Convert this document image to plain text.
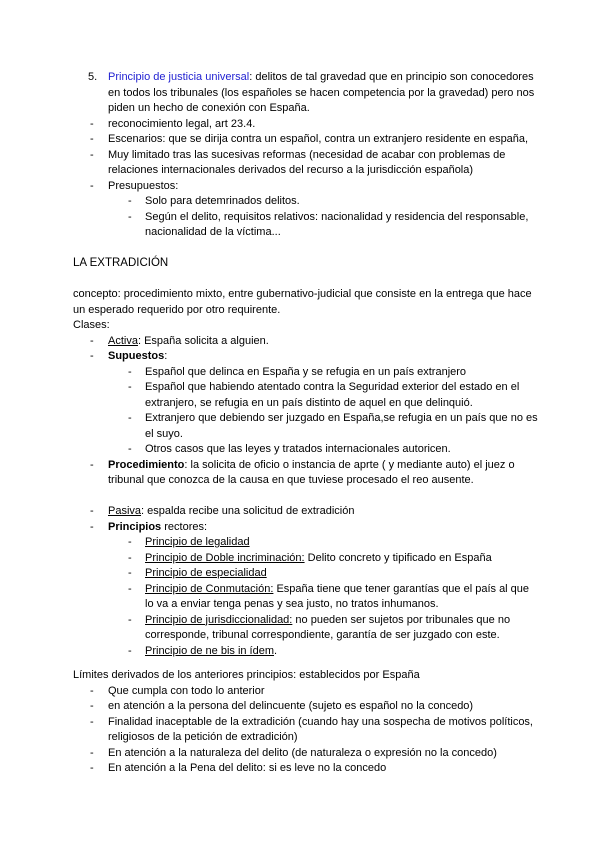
5. Principio de justicia universal: delitos de tal gravedad que en principio son conocedores en todos los tribunales (los españoles se hacen competencia por la gravedad) pero nos piden un hecho de conexión con España.
- reconocimiento legal, art 23.4.
- Escenarios: que se dirija contra un español, contra un extranjero residente en españa,
- Muy limitado tras las sucesivas reformas (necesidad de acabar con problemas de relaciones internacionales derivados del recurso a la jurisdicción española)
- Presupuestos:
- Solo para detemrinados delitos.
- Según el delito, requisitos relativos: nacionalidad y residencia del responsable, nacionalidad de la víctima...
LA EXTRADICIÓN
concepto: procedimiento mixto, entre gubernativo-judicial que consiste en la entrega que hace un esperado requerido por otro requirente.
Clases:
- Activa: España solicita a alguien.
- Supuestos:
- Español que delinca en España y se refugia en un país extranjero
- Español que habiendo atentado contra la Seguridad exterior del estado en el extranjero, se refugia en un país distinto de aquel en que delinquió.
- Extranjero que debiendo ser juzgado en España,se refugia en un país que no es el suyo.
- Otros casos que las leyes y tratados internacionales autoricen.
- Procedimiento: la solicita de oficio o instancia de aprte ( y mediante auto) el juez o tribunal que conozca de la causa en que tuviese procesado el reo ausente.
- Pasiva: espalda recibe una solicitud de extradición
- Principios rectores:
- Principio de legalidad
- Principio de Doble incriminación: Delito concreto y tipificado en España
- Principio de especialidad
- Principio de Conmutación: España tiene que tener garantías que el país al que lo va a enviar tenga penas y sea justo, no tratos inhumanos.
- Principio de jurisdiccionalidad: no pueden ser sujetos por tribunales que no corresponde, tribunal correspondiente, garantía de ser juzgado con este.
- Principio de ne bis in ídem.
Límites derivados de los anteriores principios: establecidos por España
- Que cumpla con todo lo anterior
- en atención a la persona del delincuente (sujeto es español no la concedo)
- Finalidad inaceptable de la extradición (cuando hay una sospecha de motivos políticos, religiosos de la petición de extradición)
- En atención a la naturaleza del delito (de naturaleza o expresión no la concedo)
- En atención a la Pena del delito: si es leve no la concedo
